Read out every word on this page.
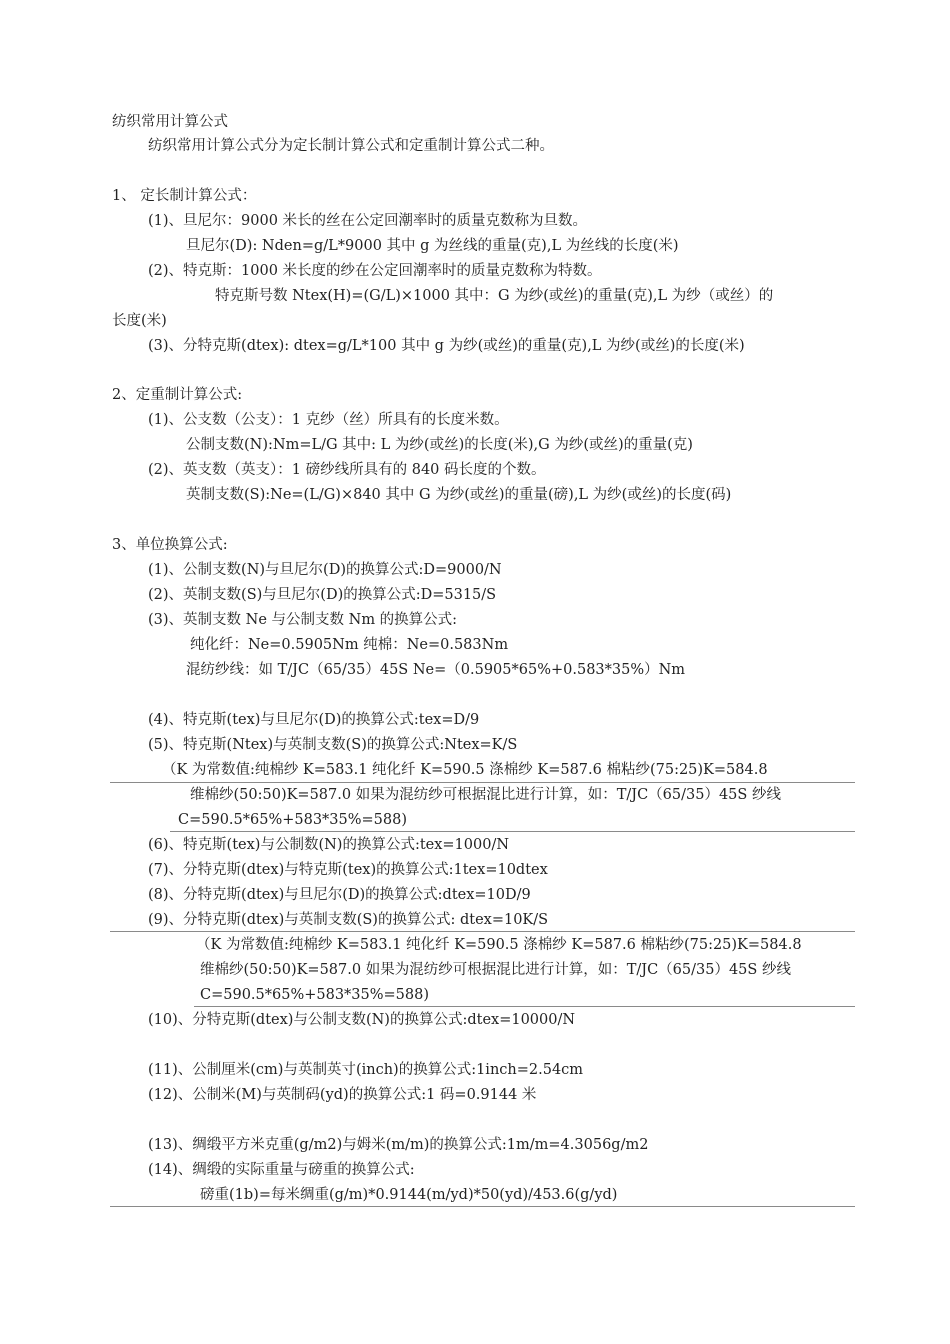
纺织常用计算公式
纺织常用计算公式分为定长制计算公式和定重制计算公式二种。
1、 定长制计算公式：
(1)、旦尼尔：9000 米长的丝在公定回潮率时的质量克数称为旦数。
旦尼尔(D): Nden=g/L*9000 其中 g 为丝线的重量(克),L 为丝线的长度(米)
(2)、特克斯：1000 米长度的纱在公定回潮率时的质量克数称为特数。
特克斯号数 Ntex(H)=(G/L)×1000 其中：G 为纱(或丝)的重量(克),L 为纱（或丝）的
长度(米)
(3)、分特克斯(dtex): dtex=g/L*100 其中 g 为纱(或丝)的重量(克),L 为纱(或丝)的长度(米)
2、定重制计算公式:
(1)、公支数（公支）：1 克纱（丝）所具有的长度米数。
公制支数(N):Nm=L/G 其中: L 为纱(或丝)的长度(米),G 为纱(或丝)的重量(克)
(2)、英支数（英支）：1 磅纱线所具有的 840 码长度的个数。
英制支数(S):Ne=(L/G)×840 其中 G 为纱(或丝)的重量(磅),L 为纱(或丝)的长度(码)
3、单位换算公式:
(1)、公制支数(N)与旦尼尔(D)的换算公式:D=9000/N
(2)、英制支数(S)与旦尼尔(D)的换算公式:D=5315/S
(3)、英制支数 Ne 与公制支数 Nm 的换算公式:
纯化纤：Ne=0.5905Nm 纯棉：Ne=0.583Nm
混纺纱线：如 T/JC（65/35）45S Ne=（0.5905*65%+0.583*35%）Nm
(4)、特克斯(tex)与旦尼尔(D)的换算公式:tex=D/9
(5)、特克斯(Ntex)与英制支数(S)的换算公式:Ntex=K/S
（K 为常数值:纯棉纱 K=583.1 纯化纤 K=590.5 涤棉纱 K=587.6 棉粘纱(75:25)K=584.8
维棉纱(50:50)K=587.0 如果为混纺纱可根据混比进行计算，如：T/JC（65/35）45S 纱线
C=590.5*65%+583*35%=588)
(6)、特克斯(tex)与公制数(N)的换算公式:tex=1000/N
(7)、分特克斯(dtex)与特克斯(tex)的换算公式:1tex=10dtex
(8)、分特克斯(dtex)与旦尼尔(D)的换算公式:dtex=10D/9
(9)、分特克斯(dtex)与英制支数(S)的换算公式: dtex=10K/S
（K 为常数值:纯棉纱 K=583.1 纯化纤 K=590.5 涤棉纱 K=587.6 棉粘纱(75:25)K=584.8
维棉纱(50:50)K=587.0 如果为混纺纱可根据混比进行计算，如：T/JC（65/35）45S 纱线
C=590.5*65%+583*35%=588)
(10)、分特克斯(dtex)与公制支数(N)的换算公式:dtex=10000/N
(11)、公制厘米(cm)与英制英寸(inch)的换算公式:1inch=2.54cm
(12)、公制米(M)与英制码(yd)的换算公式:1 码=0.9144 米
(13)、绸缎平方米克重(g/m2)与姆米(m/m)的换算公式:1m/m=4.3056g/m2
(14)、绸缎的实际重量与磅重的换算公式:
磅重(1b)=每米绸重(g/m)*0.9144(m/yd)*50(yd)/453.6(g/yd)
